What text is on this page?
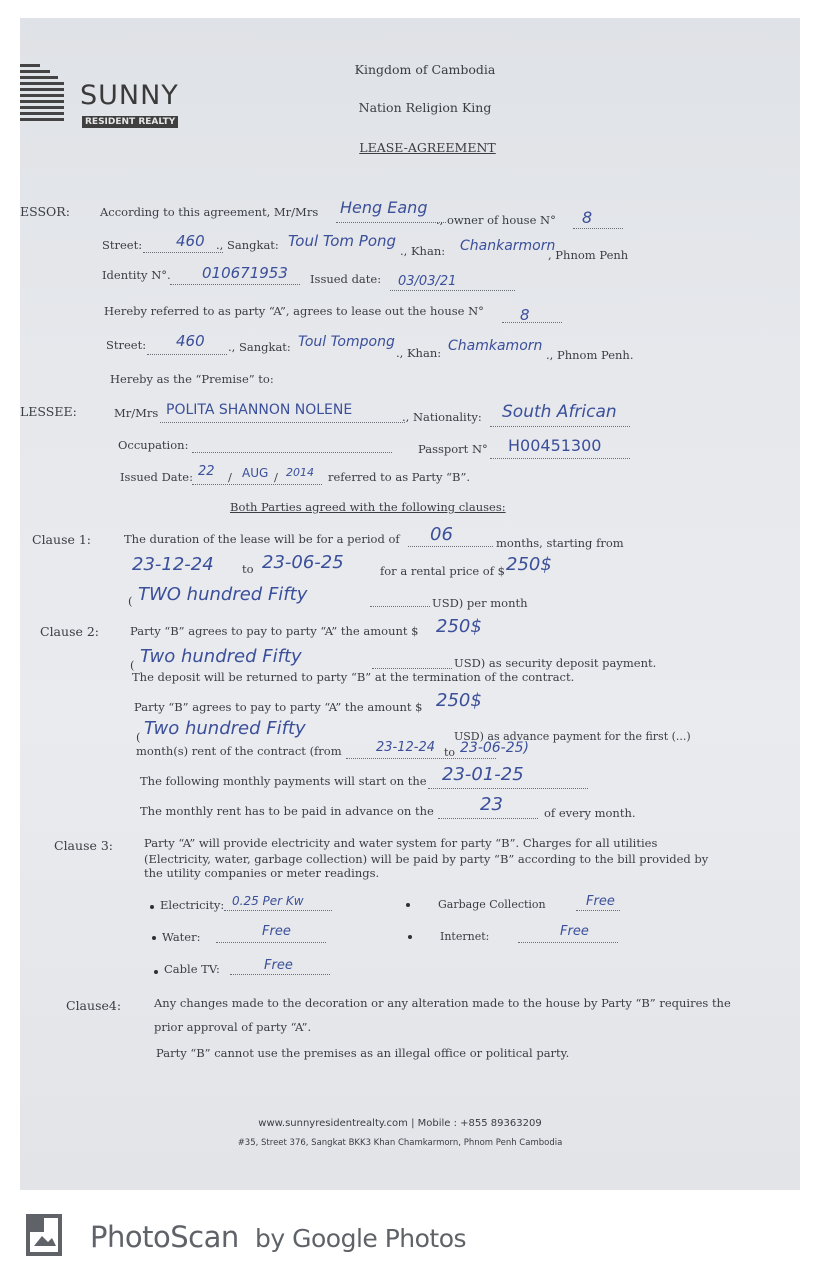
SUNNY
RESIDENT REALTY
Kingdom of Cambodia
Nation Religion King
LEASE-AGREEMENT
ESSOR:	According to this agreement, Mr/Mrs Heng Eang
., owner of house N° 8
Street: 460 ., Sangkat: Toul Tom Pong
., Khan: Chankarmorn
, Phnom Penh
Identity N°. 010671953 Issued date: 03/03/21
Hereby referred to as party “A”, agrees to lease out the house N° 8
Street: 460 ., Sangkat: Toul Tompong
., Khan: Chamkamorn
., Phnom Penh.
Hereby as the “Premise” to:
LESSEE:	Mr/Mrs POLITA SHANNON NOLENE	., Nationality: South African
Occupation:	Passport N° H00451300
Issued Date: 22 / AUG / 2014 referred to as Party “B”.
Both Parties agreed with the following clauses:
Clause 1:	The duration of the lease will be for a period of 06	months, starting from
23-12-24 to 23-06-25	for a rental price of $ 250$
( TWO hundred Fifty	USD) per month
Clause 2:	Party “B” agrees to pay to party “A” the amount $ 250$
( Two hundred Fifty	USD) as security deposit payment.
The deposit will be returned to party “B” at the termination of the contract.
Party “B” agrees to pay to party “A” the amount $ 250$
( Two hundred Fifty	USD) as advance payment for the first (...)
month(s) rent of the contract (from	23-12-24 to 23-06-25)
The following monthly payments will start on the 23-01-25
The monthly rent has to be paid in advance on the	23	of every month.
Clause 3:	Party “A” will provide electricity and water system for party “B”. Charges for all utilities
(Electricity, water, garbage collection) will be paid by party “B” according to the bill provided by
the utility companies or meter readings.
Electricity: 0.25 Per Kw	Garbage Collection	Free
Water:	Free	Internet:	Free
Cable TV:	Free
Clause4:	Any changes made to the decoration or any alteration made to the house by Party “B” requires the
prior approval of party “A”.
Party “B” cannot use the premises as an illegal office or political party.
www.sunnyresidentrealty.com | Mobile : +855 89363209
#35, Street 376, Sangkat BKK3 Khan Chamkarmorn, Phnom Penh Cambodia
PhotoScan by Google Photos
